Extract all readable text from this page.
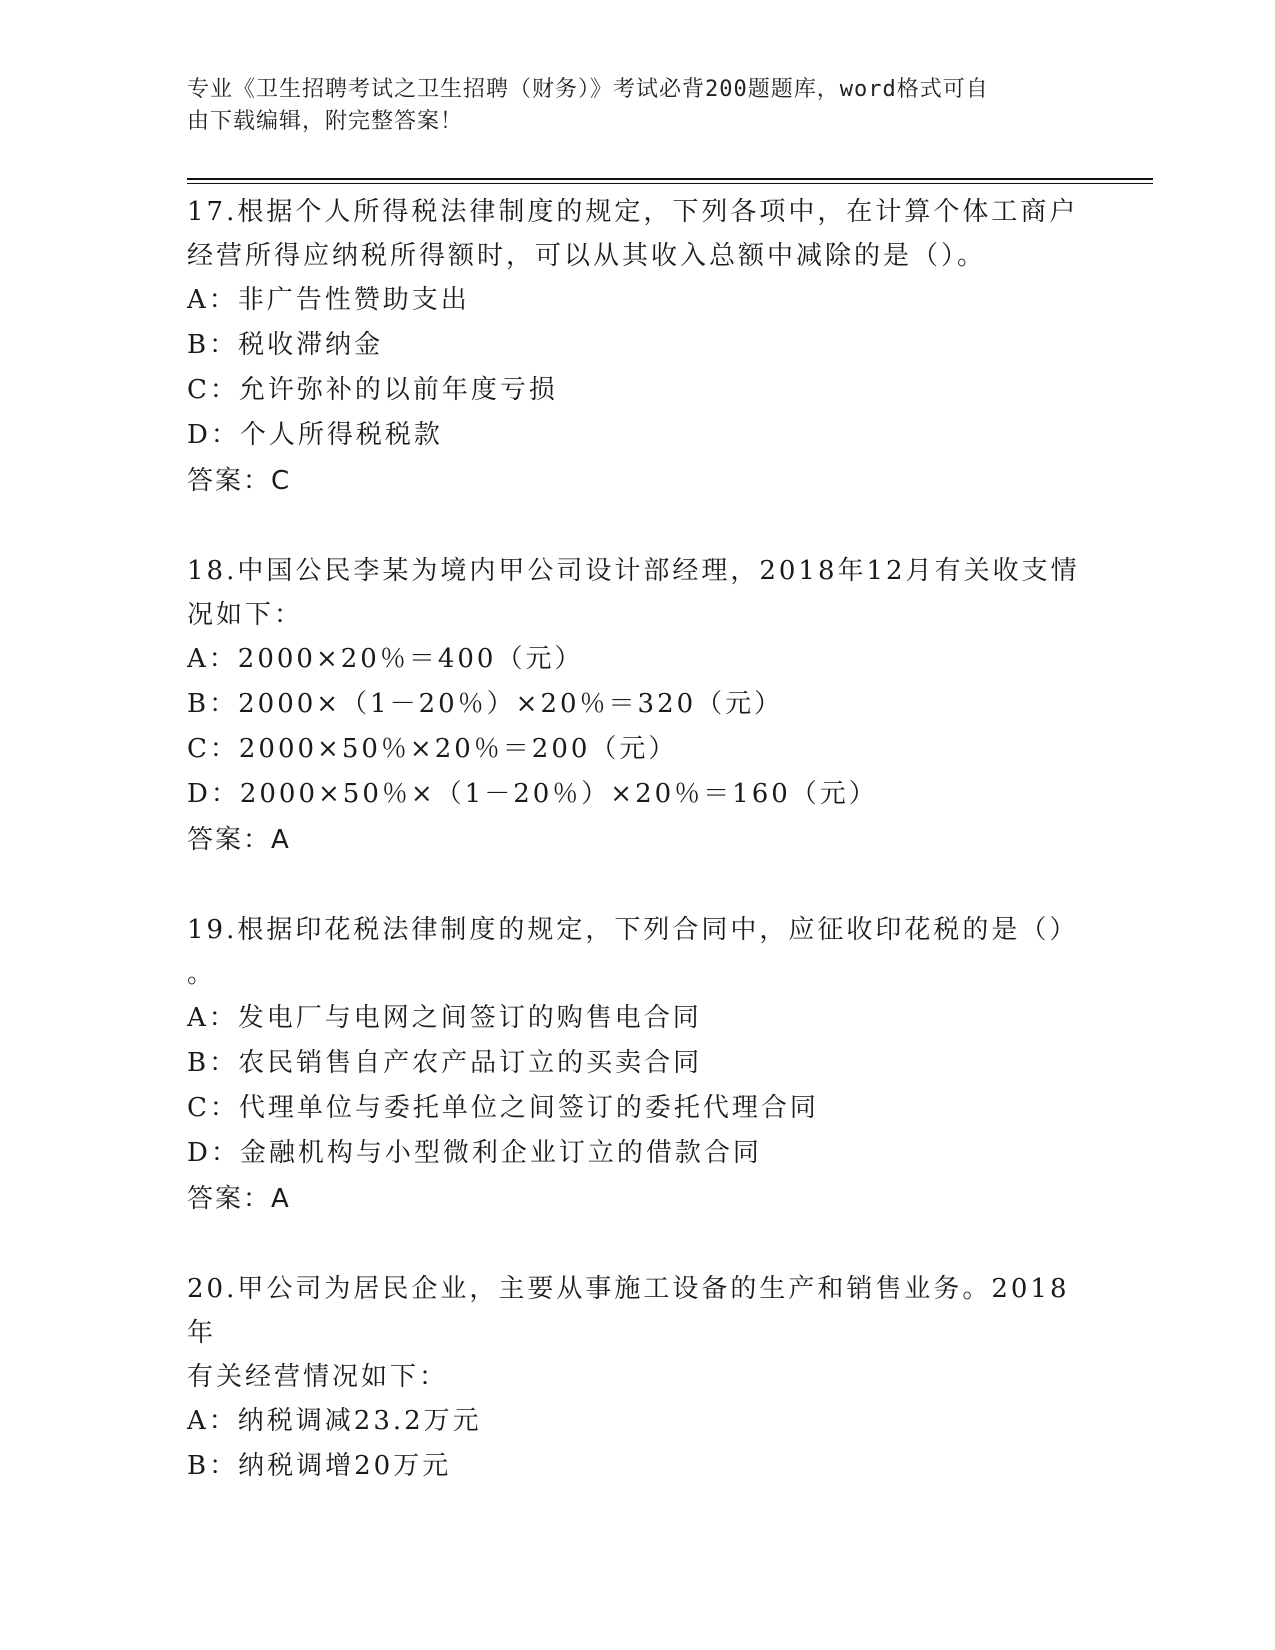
专业《卫生招聘考试之卫生招聘（财务）》考试必背200题题库，word格式可自
由下载编辑，附完整答案！

17.根据个人所得税法律制度的规定，下列各项中，在计算个体工商户

经营所得应纳税所得额时，可以从其收入总额中减除的是（）。

A：非广告性赞助支出

B：税收滞纳金

C：允许弥补的以前年度亏损

D：个人所得税税款

答案：C

18.中国公民李某为境内甲公司设计部经理，2018年12月有关收支情

况如下：

A：2000×20％＝400（元）

B：2000×（1－20％）×20％＝320（元）

C：2000×50％×20％＝200（元）

D：2000×50％×（1－20％）×20％＝160（元）

答案：A

19.根据印花税法律制度的规定，下列合同中，应征收印花税的是（）

。

A：发电厂与电网之间签订的购售电合同

B：农民销售自产农产品订立的买卖合同

C：代理单位与委托单位之间签订的委托代理合同

D：金融机构与小型微利企业订立的借款合同

答案：A

20.甲公司为居民企业，主要从事施工设备的生产和销售业务。2018年

有关经营情况如下：

A：纳税调减23.2万元

B：纳税调增20万元
